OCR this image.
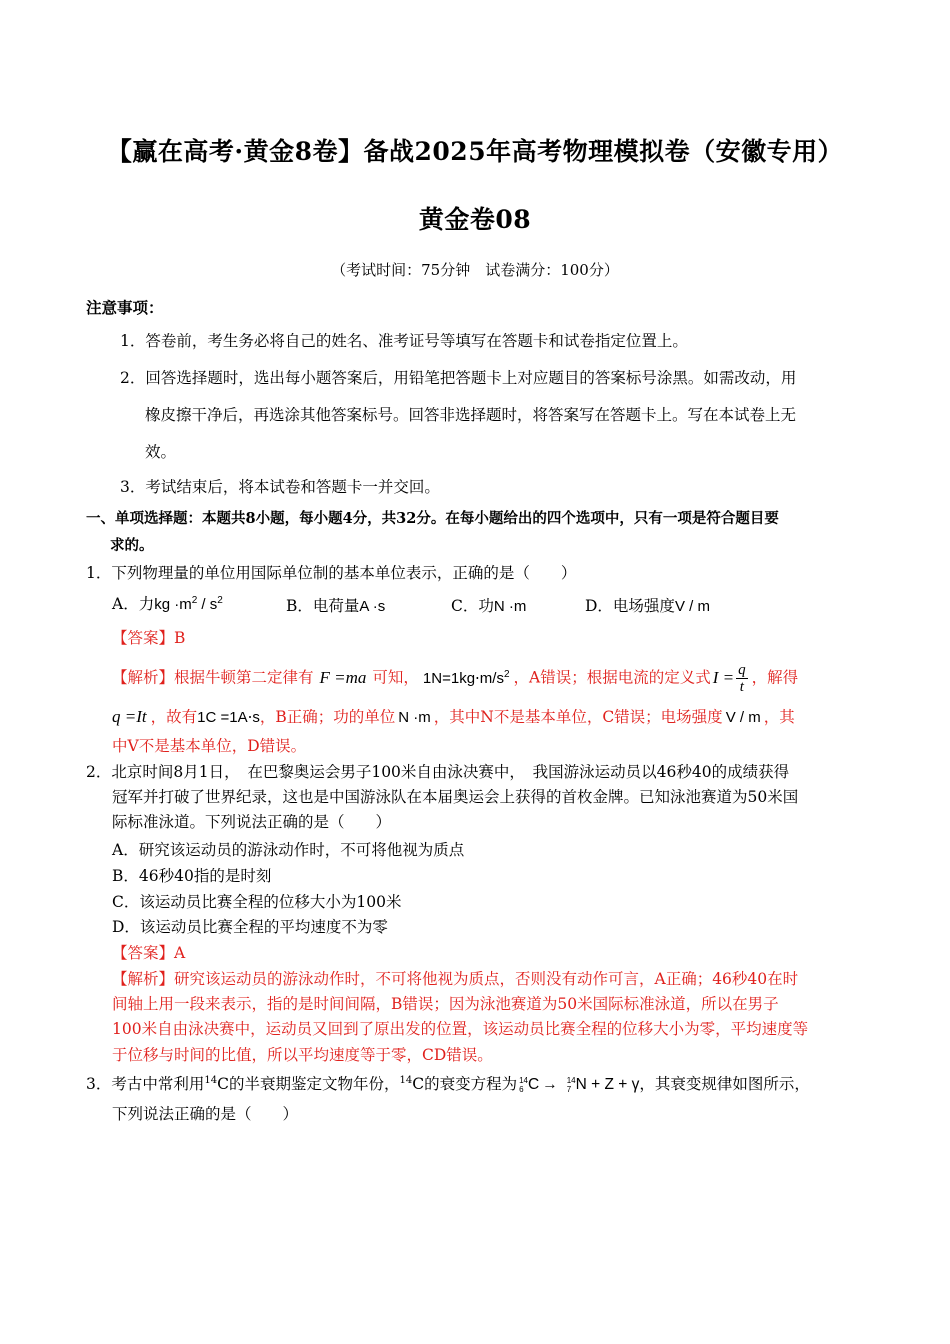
【赢在高考·黄金8卷】备战2025年高考物理模拟卷（安徽专用）
黄金卷08
（考试时间：75分钟　试卷满分：100分）
注意事项：
1．答卷前，考生务必将自己的姓名、准考证号等填写在答题卡和试卷指定位置上。
2．回答选择题时，选出每小题答案后，用铅笔把答题卡上对应题目的答案标号涂黑。如需改动，用
橡皮擦干净后，再选涂其他答案标号。回答非选择题时，将答案写在答题卡上。写在本试卷上无
效。
3．考试结束后，将本试卷和答题卡一并交回。
一、单项选择题：本题共8小题，每小题4分，共32分。在每小题给出的四个选项中，只有一项是符合题目要
求的。
1．下列物理量的单位用国际单位制的基本单位表示，正确的是（　　）
A．力kg $\cdot m^2 / s^2$	B．电荷量A ·s	C．功N ·m	D．电场强度V / m
【答案】B
【解析】根据牛顿第二定律有 F =ma 可知， $1N=1kg\cdot m/s^2$ ，A错误；根据电流的定义式 $I = \frac{q}{t}$ ，解得
q =It ，故有1C =1A⋅s，B正确；功的单位 N ·m ，其中N不是基本单位，C错误；电场强度 V / m ，其
中V不是基本单位，D错误。
2．北京时间8月1日，　在巴黎奥运会男子100米自由泳决赛中，　我国游泳运动员以46秒40的成绩获得
冠军并打破了世界纪录，这也是中国游泳队在本届奥运会上获得的首枚金牌。已知泳池赛道为50米国
际标准泳道。下列说法正确的是（　　）
A．研究该运动员的游泳动作时，不可将他视为质点
B．46秒40指的是时刻
C．该运动员比赛全程的位移大小为100米
D．该运动员比赛全程的平均速度不为零
【答案】A
【解析】研究该运动员的游泳动作时，不可将他视为质点，否则没有动作可言，A正确；46秒40在时
间轴上用一段来表示，指的是时间间隔，B错误；因为泳池赛道为50米国际标准泳道，所以在男子
100米自由泳决赛中，运动员又回到了原出发的位置，该运动员比赛全程的位移大小为零，平均速度等
于位移与时间的比值，所以平均速度等于零，CD错误。
3．考古中常利用$^{14}$C的半衰期鉴定文物年份，$^{14}$C的衰变方程为 14
6 C → 14
7 N + Z + γ，其衰变规律如图所示，
下列说法正确的是（　　）
